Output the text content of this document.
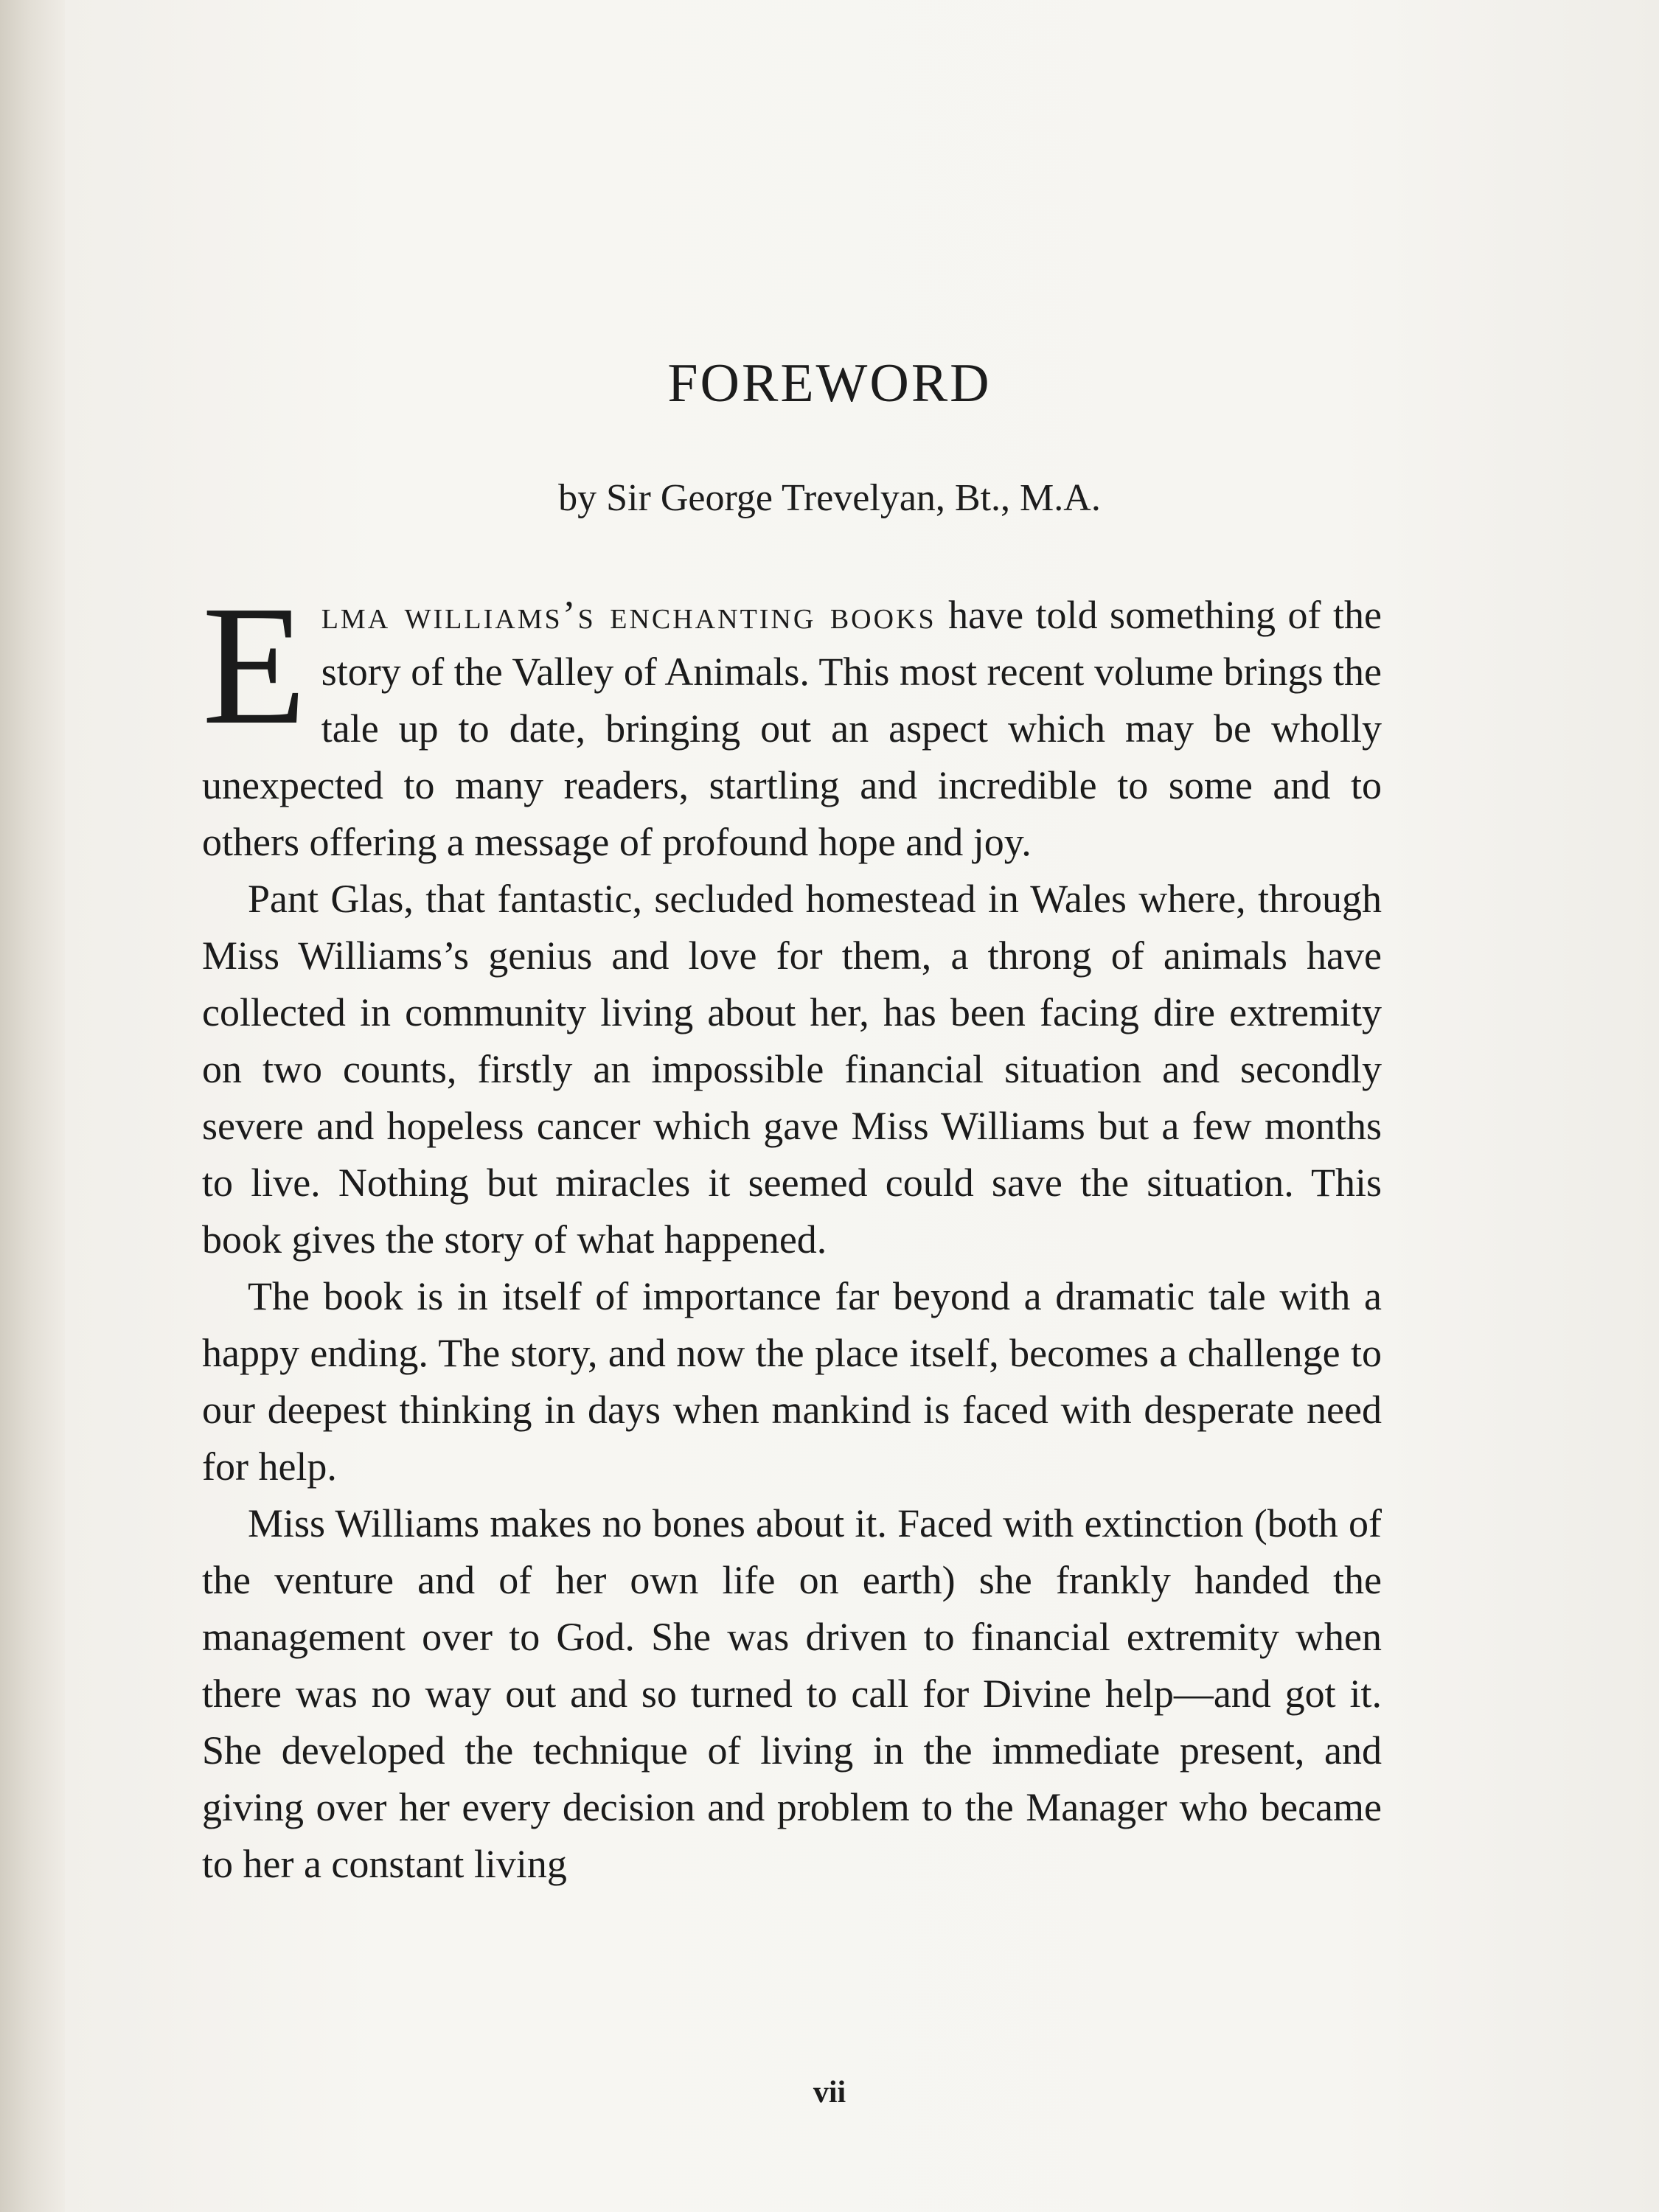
FOREWORD
by Sir George Trevelyan, Bt., M.A.

Elma williams’s enchanting books have told something of the story of the Valley of Animals. This most recent volume brings the tale up to date, bringing out an aspect which may be wholly unexpected to many readers, startling and incredible to some and to others offering a message of profound hope and joy.

Pant Glas, that fantastic, secluded homestead in Wales where, through Miss Williams’s genius and love for them, a throng of animals have collected in community living about her, has been facing dire extremity on two counts, firstly an impossible financial situation and secondly severe and hopeless cancer which gave Miss Williams but a few months to live. Nothing but miracles it seemed could save the situation. This book gives the story of what happened.

The book is in itself of importance far beyond a dramatic tale with a happy ending. The story, and now the place itself, becomes a challenge to our deepest thinking in days when mankind is faced with desperate need for help.

Miss Williams makes no bones about it. Faced with extinction (both of the venture and of her own life on earth) she frankly handed the management over to God. She was driven to financial extremity when there was no way out and so turned to call for Divine help—and got it. She developed the technique of living in the immediate present, and giving over her every decision and problem to the Manager who became to her a constant living

vii
